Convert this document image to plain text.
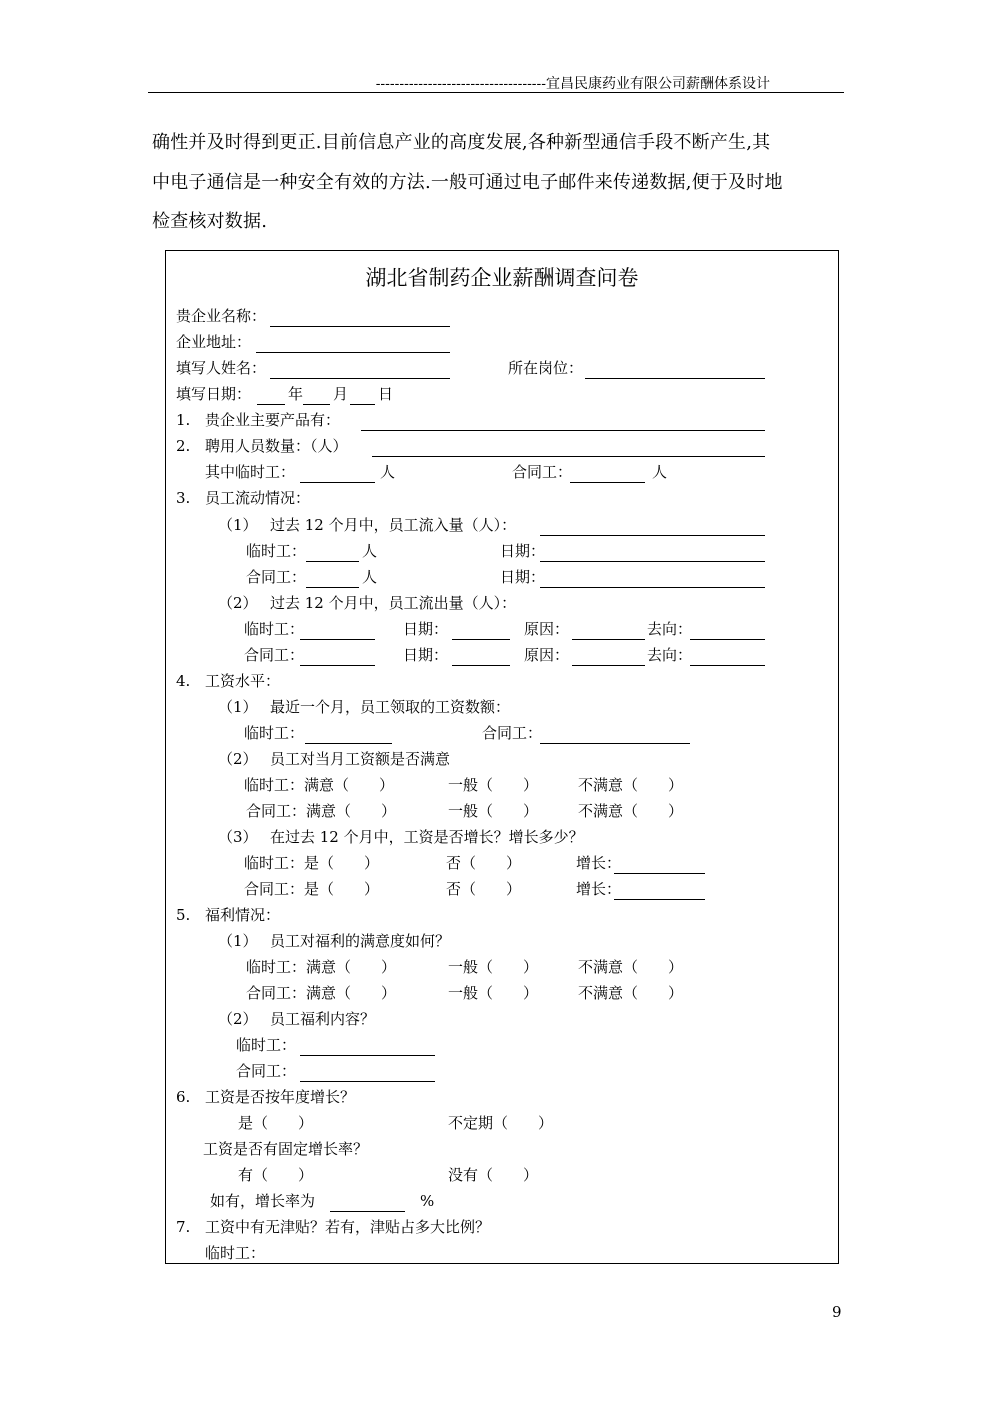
------------------------------------宜昌民康药业有限公司薪酬体系设计
确性并及时得到更正.目前信息产业的高度发展,各种新型通信手段不断产生,其
中电子通信是一种安全有效的方法.一般可通过电子邮件来传递数据,便于及时地
检查核对数据.
湖北省制药企业薪酬调查问卷
贵企业名称：
企业地址：
填写人姓名：	所在岗位：
填写日期： 年 月 日
1. 贵企业主要产品有：
2. 聘用人员数量：（人）
其中临时工：	人	合同工：	人
3. 员工流动情况：
（1） 过去 12 个月中，员工流入量（人）：
临时工：	人	日期：
合同工：	人	日期：
（2） 过去 12 个月中，员工流出量（人）：
临时工：	日期：	原因：	去向：
合同工：	日期：	原因：	去向：
4. 工资水平：
（1） 最近一个月，员工领取的工资数额：
临时工：	合同工：
（2） 员工对当月工资额是否满意
临时工：满意（　　）	一般（　　）	不满意（　　）
合同工：满意（　　）	一般（　　）	不满意（　　）
（3） 在过去 12 个月中，工资是否增长？增长多少？
临时工：是（　　）	否（　　）	增长：
合同工：是（　　）	否（　　）	增长：
5. 福利情况：
（1） 员工对福利的满意度如何？
临时工：满意（　　）	一般（　　）	不满意（　　）
合同工：满意（　　）	一般（　　）	不满意（　　）
（2） 员工福利内容？
临时工：
合同工：
6. 工资是否按年度增长？
是（　　）	不定期（　　）
工资是否有固定增长率？
有（　　）	没有（　　）
如有，增长率为	%
7. 工资中有无津贴？若有，津贴占多大比例？
临时工：
9
